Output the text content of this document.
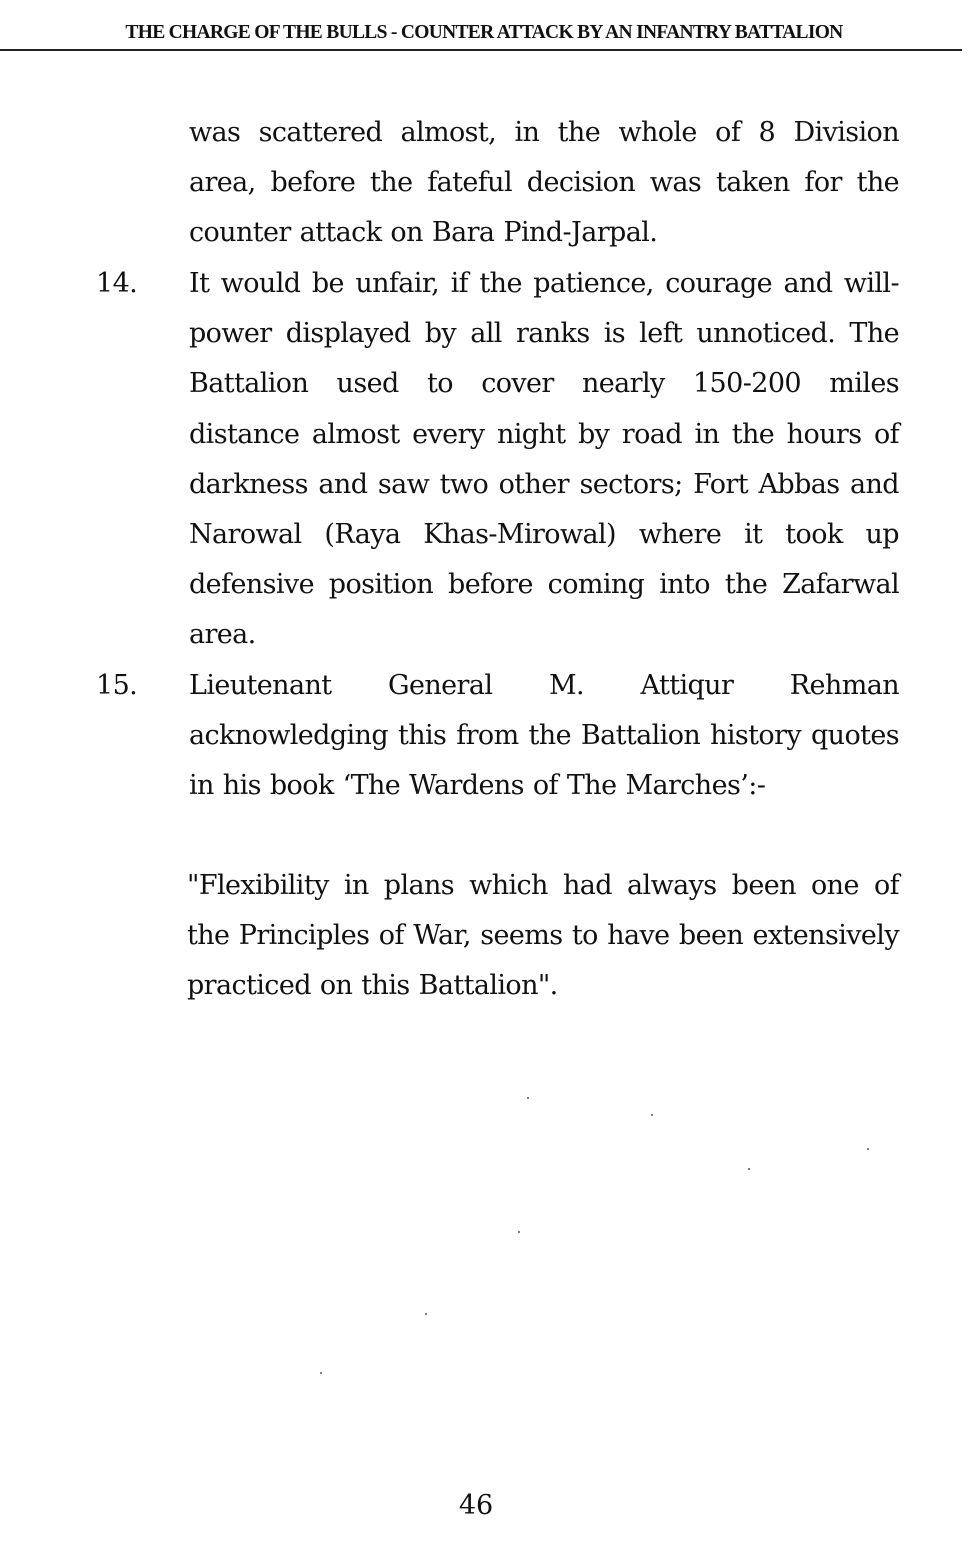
THE CHARGE OF THE BULLS - COUNTER ATTACK BY AN INFANTRY BATTALION
was scattered almost, in the whole of 8 Division area, before the fateful decision was taken for the counter attack on Bara Pind-Jarpal.
14. It would be unfair, if the patience, courage and will-power displayed by all ranks is left unnoticed. The Battalion used to cover nearly 150-200 miles distance almost every night by road in the hours of darkness and saw two other sectors; Fort Abbas and Narowal (Raya Khas-Mirowal) where it took up defensive position before coming into the Zafarwal area.
15. Lieutenant General M. Attiqur Rehman acknowledging this from the Battalion history quotes in his book ‘The Wardens of The Marches’:-
"Flexibility in plans which had always been one of the Principles of War, seems to have been extensively practiced on this Battalion".
46
